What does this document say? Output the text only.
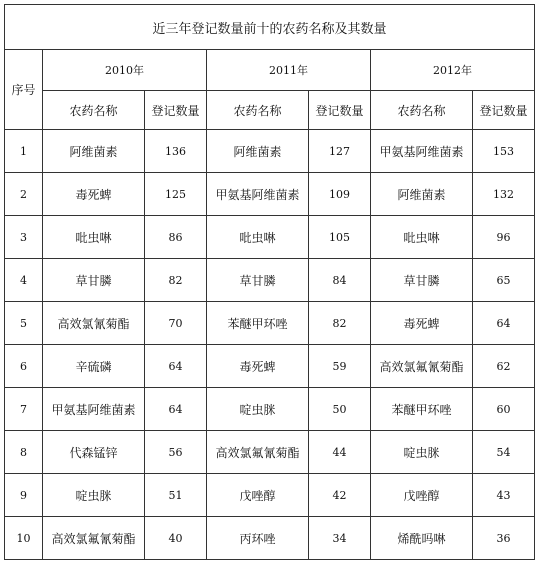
近三年登记数量前十的农药名称及其数量						
序号	2010年		2011年		2012年	
	农药名称	登记数量	农药名称	登记数量	农药名称	登记数量
1	阿维菌素	136	阿维菌素	127	甲氨基阿维菌素	153
2	毒死蜱	125	甲氨基阿维菌素	109	阿维菌素	132
3	吡虫啉	86	吡虫啉	105	吡虫啉	96
4	草甘膦	82	草甘膦	84	草甘膦	65
5	高效氯氰菊酯	70	苯醚甲环唑	82	毒死蜱	64
6	辛硫磷	64	毒死蜱	59	高效氯氟氰菊酯	62
7	甲氨基阿维菌素	64	啶虫脒	50	苯醚甲环唑	60
8	代森锰锌	56	高效氯氟氰菊酯	44	啶虫脒	54
9	啶虫脒	51	戊唑醇	42	戊唑醇	43
10	高效氯氟氰菊酯	40	丙环唑	34	烯酰吗啉	36
